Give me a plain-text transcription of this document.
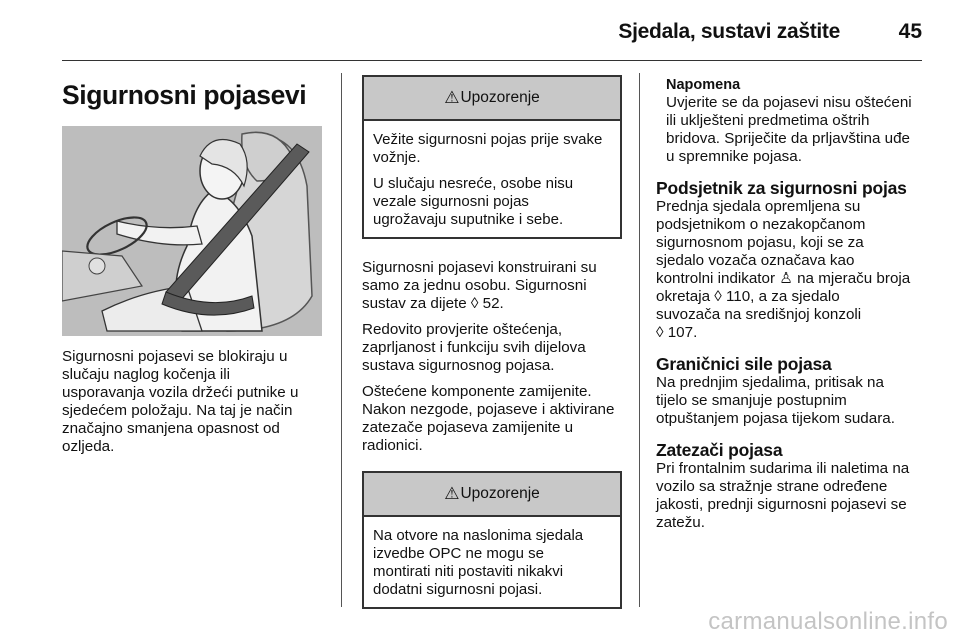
Sjedala, sustavi zaštite	45
Sigurnosni pojasevi

Sigurnosni pojasevi se blokiraju u
slučaju naglog kočenja ili
usporavanja vozila držeći putnike u
sjedećem položaju. Na taj je način
značajno smanjena opasnost od
ozljeda.

⚠ Upozorenje

Vežite sigurnosni pojas prije svake
vožnje.

U slučaju nesreće, osobe nisu
vezale sigurnosni pojas
ugrožavaju suputnike i sebe.

Sigurnosni pojasevi konstruirani su
samo za jednu osobu. Sigurnosni
sustav za dijete ◊ 52.

Redovito provjerite oštećenja,
zaprljanost i funkciju svih dijelova
sustava sigurnosnog pojasa.

Oštećene komponente zamijenite.
Nakon nezgode, pojaseve i aktivirane
zatezače pojaseva zamijenite u
radionici.

⚠ Upozorenje

Na otvore na naslonima sjedala
izvedbe OPC ne mogu se
montirati niti postaviti nikakvi
dodatni sigurnosni pojasi.

Napomena

Uvjerite se da pojasevi nisu oštećeni
ili uklješteni predmetima oštrih
bridova. Spriječite da prljavština uđe
u spremnike pojasa.

Podsjetnik za sigurnosni pojas

Prednja sjedala opremljena su
podsjetnikom o nezakopčanom
sigurnosnom pojasu, koji se za
sjedalo vozača označava kao
kontrolni indikator ♙ na mjeraču broja
okretaja ◊ 110, a za sjedalo
suvozača na središnjoj konzoli
◊ 107.

Graničnici sile pojasa

Na prednjim sjedalima, pritisak na
tijelo se smanjuje postupnim
otpuštanjem pojasa tijekom sudara.

Zatezači pojasa

Pri frontalnim sudarima ili naletima na
vozilo sa stražnje strane određene
jakosti, prednji sigurnosni pojasevi se
zatežu.

carmanualsonline.info
